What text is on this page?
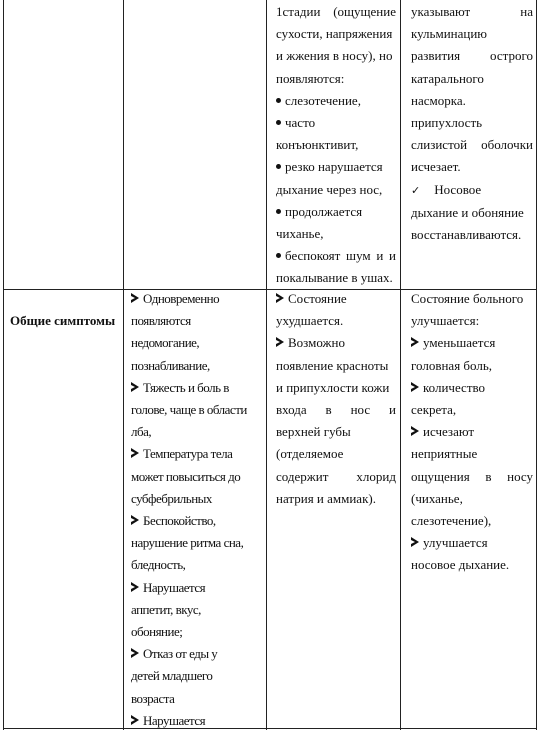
1стадии (ощущение
сухости, напряжения
и жжения в носу), но
появляются:
слезотечение,
часто
конъюнктивит,
резко нарушается
дыхание через нос,
продолжается
чиханье,
беспокоят шум и и
покалывание в ушах.
указывают на
кульминацию
развития острого
катарального
насморка.
припухлость
слизистой оболочки
исчезает.
✓ Носовое
дыхание и обоняние
восстанавливаются.
Общие симптомы
Одновременно
появляются
недомогание,
познабливание,
Тяжесть и боль в
голове, чаще в области
лба,
Температура тела
может повыситься до
субфебрильных
Беспокойство,
нарушение ритма сна,
бледность,
Нарушается
аппетит, вкус,
обоняние;
Отказ от еды у
детей младшего
возраста
Нарушается
Состояние
ухудшается.
Возможно
появление красноты
и припухлости кожи
входа в нос и
верхней губы
(отделяемое
содержит хлорид
натрия и аммиак).
Состояние больного
улучшается:
уменьшается
головная боль,
количество
секрета,
исчезают
неприятные
ощущения в носу
(чиханье,
слезотечение),
улучшается
носовое дыхание.
